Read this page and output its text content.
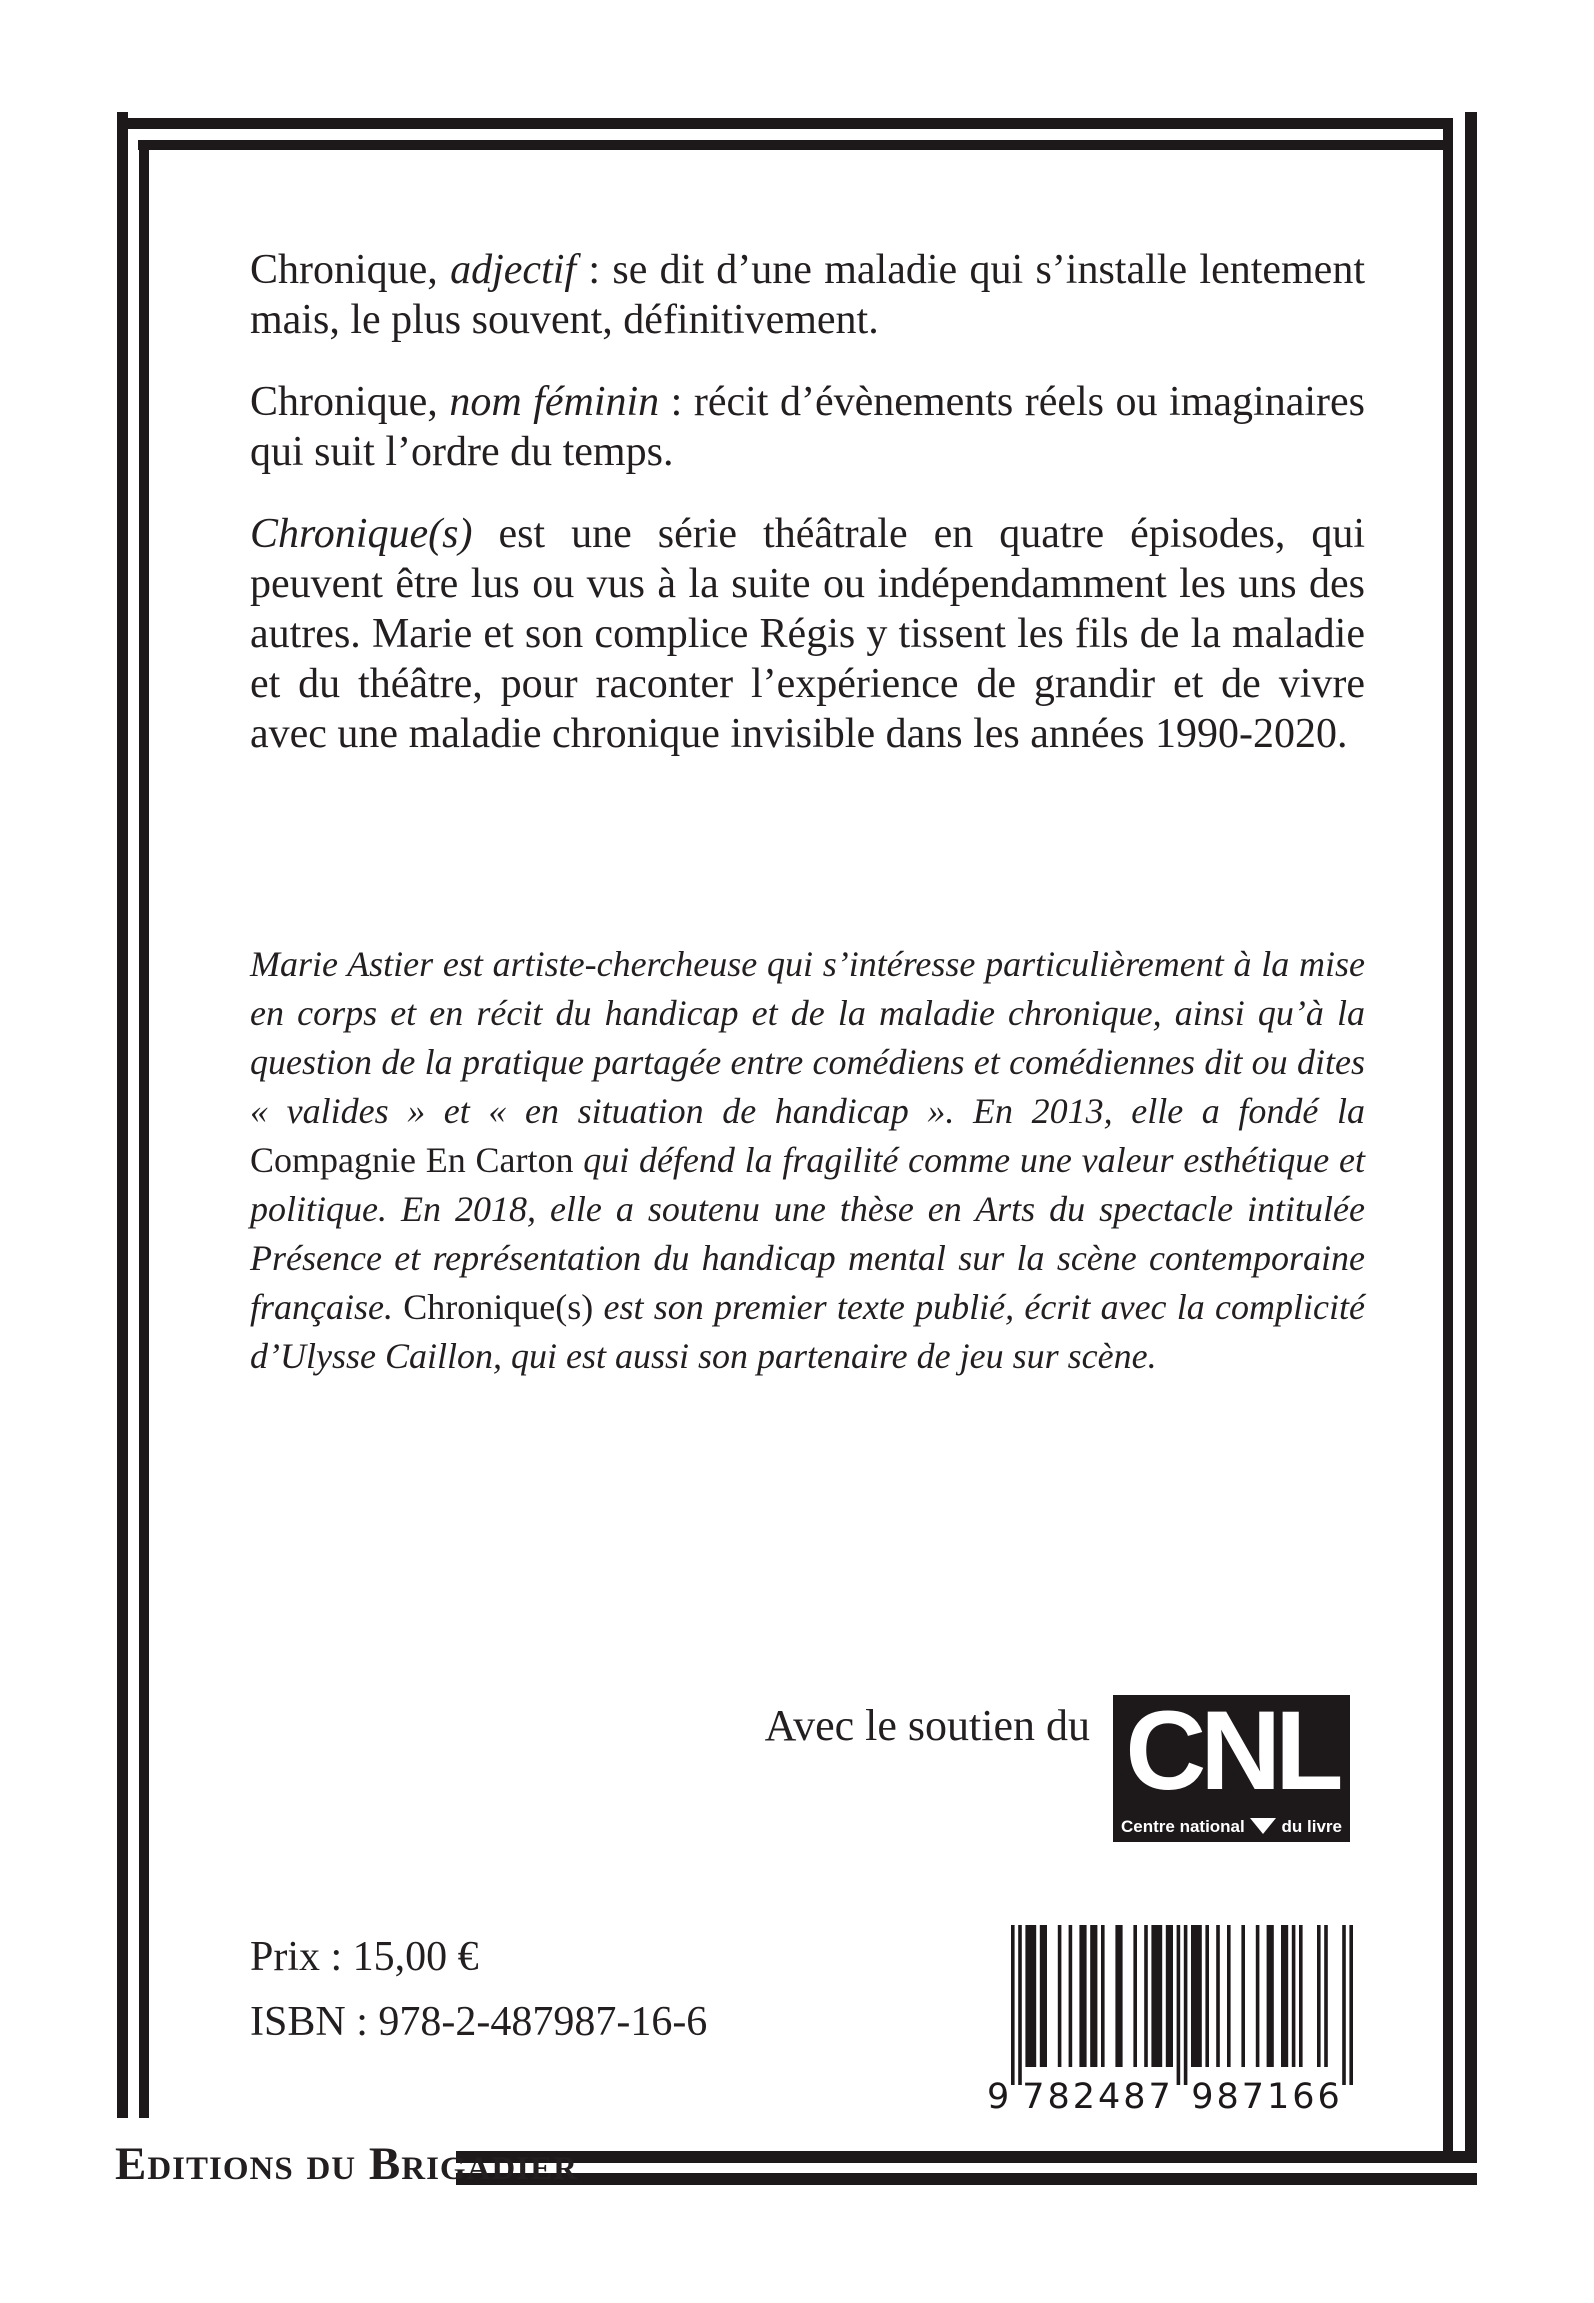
Chronique, adjectif : se dit d’une maladie qui s’installe lentement mais, le plus souvent, définitivement.

Chronique, nom féminin : récit d’évènements réels ou imaginaires qui suit l’ordre du temps.

Chronique(s) est une série théâtrale en quatre épisodes, qui peuvent être lus ou vus à la suite ou indépendamment les uns des autres. Marie et son complice Régis y tissent les fils de la maladie et du théâtre, pour raconter l’expérience de grandir et de vivre avec une maladie chronique invisible dans les années 1990-2020.

Marie Astier est artiste-chercheuse qui s’intéresse particulièrement à la mise en corps et en récit du handicap et de la maladie chronique, ainsi qu’à la question de la pratique partagée entre comédiens et comédiennes dit ou dites « valides » et « en situation de handicap ». En 2013, elle a fondé la Compagnie En Carton qui défend la fragilité comme une valeur esthétique et politique. En 2018, elle a soutenu une thèse en Arts du spectacle intitulée Présence et représentation du handicap mental sur la scène contemporaine française. Chronique(s) est son premier texte publié, écrit avec la complicité d’Ulysse Caillon, qui est aussi son partenaire de jeu sur scène.

Avec le soutien du CNL
Centre national du livre

Prix : 15,00 €

ISBN : 978-2-487987-16-6

9 782487 987166

Editions du Brigadier
